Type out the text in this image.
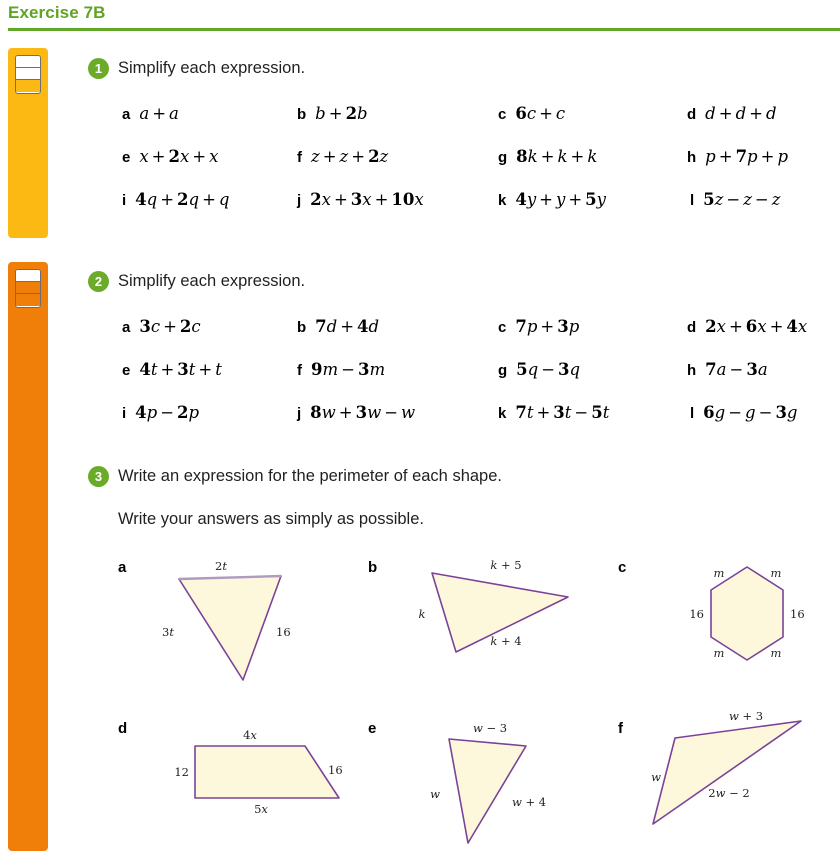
Exercise 7B
1 Simplify each expression.
a a + a	b b + 2b	c 6c + c	d d + d + d
e x + 2x + x	f z + z + 2z	g 8k + k + k	h p + 7p + p
i 4q + 2q + q	j 2x + 3x + 10x	k 4y + y + 5y	l 5z − z − z
2 Simplify each expression.
a 3c + 2c	b 7d + 4d	c 7p + 3p	d 2x + 6x + 4x
e 4t + 3t + t	f 9m − 3m	g 5q − 3q	h 7a − 3a
i 4p − 2p	j 8w + 3w − w	k 7t + 3t − 5t	l 6g − g − 3g
3 Write an expression for the perimeter of each shape.
Write your answers as simply as possible.
a	2t
3t	16
b	k + 5
k
k + 4
c	m	m
16	16
m	m
d	4x
12	16
5x
e	w − 3
w
w + 4
f
w + 3
w
2w − 2
